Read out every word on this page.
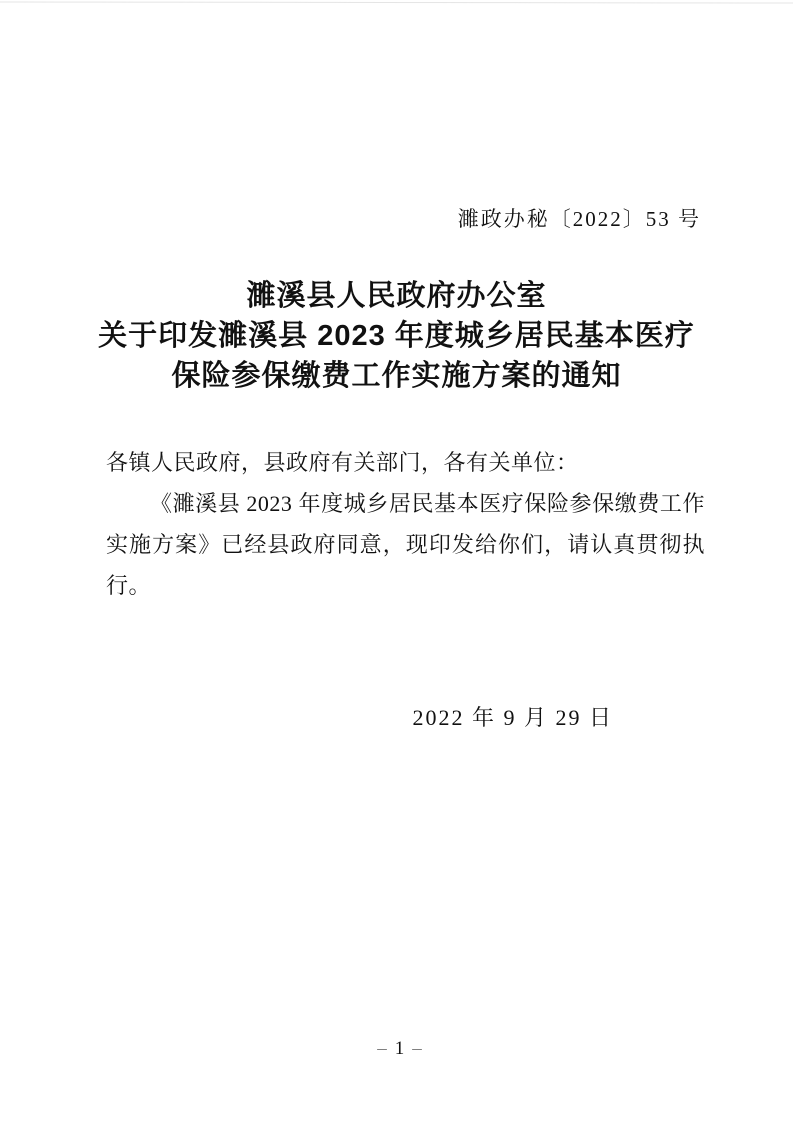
濉政办秘〔2022〕53 号
濉溪县人民政府办公室
关于印发濉溪县 2023 年度城乡居民基本医疗
保险参保缴费工作实施方案的通知

各镇人民政府，县政府有关部门，各有关单位：

《濉溪县 2023 年度城乡居民基本医疗保险参保缴费工作实施方案》已经县政府同意，现印发给你们，请认真贯彻执行。

2022 年 9 月 29 日
– 1 –
